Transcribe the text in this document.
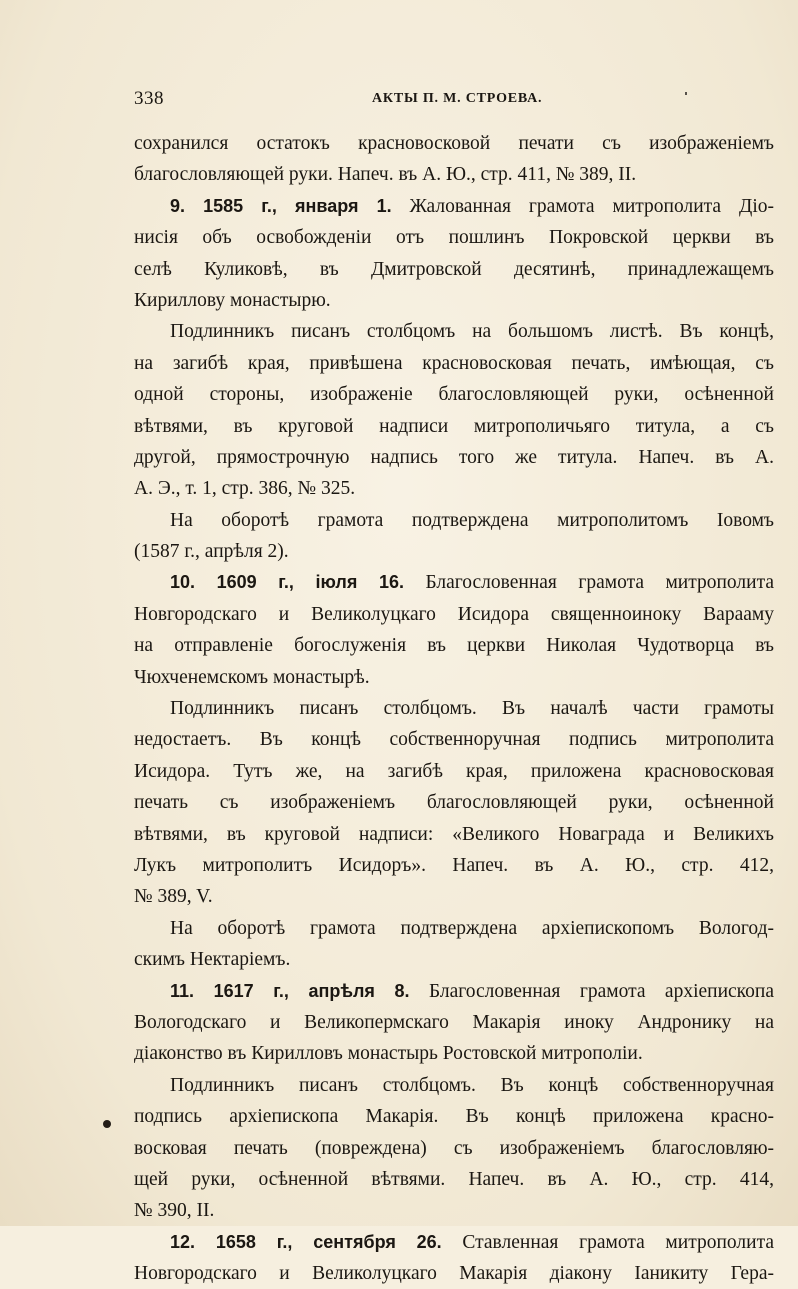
338	АКТЫ П. М. СТРОЕВА.
сохранился остатокъ красновосковой печати съ изображеніемъ
благословляющей руки. Напеч. въ А. Ю., стр. 411, № 389, II.
9. 1585 г., января 1. Жалованная грамота митрополита Діо-
нисія объ освобожденіи отъ пошлинъ Покровской церкви въ
селѣ Куликовѣ, въ Дмитровской десятинѣ, принадлежащемъ
Кириллову монастырю.
Подлинникъ писанъ столбцомъ на большомъ листѣ. Въ концѣ,
на загибѣ края, привѣшена красновосковая печать, имѣющая, съ
одной стороны, изображеніе благословляющей руки, осѣненной
вѣтвями, въ круговой надписи митрополичьяго титула, а съ
другой, прямострочную надпись того же титула. Напеч. въ А.
А. Э., т. 1, стр. 386, № 325.
На оборотѣ грамота подтверждена митрополитомъ Іовомъ
(1587 г., апрѣля 2).
10. 1609 г., іюля 16. Благословенная грамота митрополита
Новгородскаго и Великолуцкаго Исидора священноиноку Варааму
на отправленіе богослуженія въ церкви Николая Чудотворца въ
Чюхченемскомъ монастырѣ.
Подлинникъ писанъ столбцомъ. Въ началѣ части грамоты
недостаетъ. Въ концѣ собственноручная подпись митрополита
Исидора. Тутъ же, на загибѣ края, приложена красновосковая
печать съ изображеніемъ благословляющей руки, осѣненной
вѣтвями, въ круговой надписи: «Великого Новаграда и Великихъ
Лукъ митрополитъ Исидоръ». Напеч. въ А. Ю., стр. 412,
№ 389, V.
На оборотѣ грамота подтверждена архіепископомъ Вологод-
скимъ Нектаріемъ.
11. 1617 г., апрѣля 8. Благословенная грамота архіепископа
Вологодскаго и Великопермскаго Макарія иноку Андронику на
діаконство въ Кирилловъ монастырь Ростовской митрополіи.
Подлинникъ писанъ столбцомъ. Въ концѣ собственноручная
подпись архіепископа Макарія. Въ концѣ приложена красно-
восковая печать (повреждена) съ изображеніемъ благословляю-
щей руки, осѣненной вѣтвями. Напеч. въ А. Ю., стр. 414,
№ 390, II.
12. 1658 г., сентября 26. Ставленная грамота митрополита
Новгородскаго и Великолуцкаго Макарія діакону Іаникиту Гера-
